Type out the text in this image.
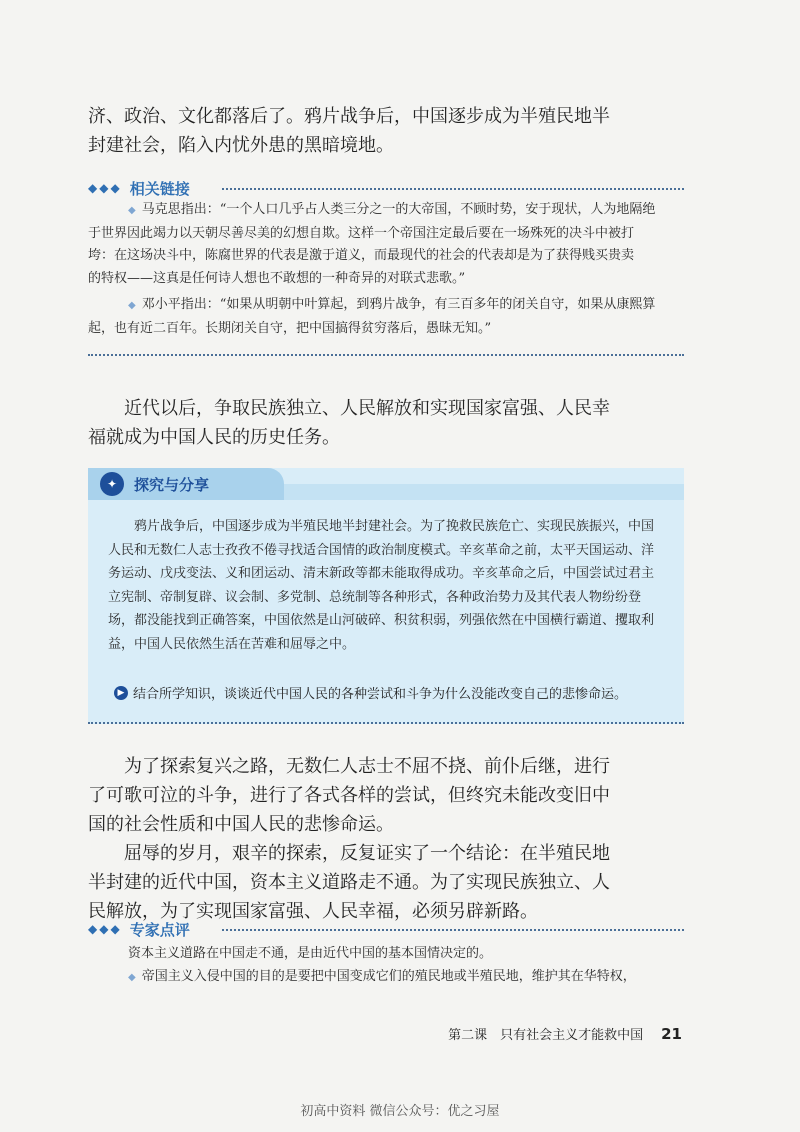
济、政治、文化都落后了。鸦片战争后，中国逐步成为半殖民地半
封建社会，陷入内忧外患的黑暗境地。
◆◆◆ 相关链接
◆ 马克思指出：“一个人口几乎占人类三分之一的大帝国，不顾时势，安于现状，人为地隔绝
于世界因此竭力以天朝尽善尽美的幻想自欺。这样一个帝国注定最后要在一场殊死的决斗中被打
垮：在这场决斗中，陈腐世界的代表是激于道义，而最现代的社会的代表却是为了获得贱买贵卖
的特权——这真是任何诗人想也不敢想的一种奇异的对联式悲歌。”
◆ 邓小平指出：“如果从明朝中叶算起，到鸦片战争，有三百多年的闭关自守，如果从康熙算
起，也有近二百年。长期闭关自守，把中国搞得贫穷落后，愚昧无知。”
近代以后，争取民族独立、人民解放和实现国家富强、人民幸
福就成为中国人民的历史任务。
✦	探究与分享
鸦片战争后，中国逐步成为半殖民地半封建社会。为了挽救民族危亡、实现民族振兴，中国
人民和无数仁人志士孜孜不倦寻找适合国情的政治制度模式。辛亥革命之前，太平天国运动、洋
务运动、戊戌变法、义和团运动、清末新政等都未能取得成功。辛亥革命之后，中国尝试过君主
立宪制、帝制复辟、议会制、多党制、总统制等各种形式，各种政治势力及其代表人物纷纷登
场，都没能找到正确答案，中国依然是山河破碎、积贫积弱，列强依然在中国横行霸道、攫取利
益，中国人民依然生活在苦难和屈辱之中。
▶ 结合所学知识，谈谈近代中国人民的各种尝试和斗争为什么没能改变自己的悲惨命运。
为了探索复兴之路，无数仁人志士不屈不挠、前仆后继，进行
了可歌可泣的斗争，进行了各式各样的尝试，但终究未能改变旧中
国的社会性质和中国人民的悲惨命运。
屈辱的岁月，艰辛的探索，反复证实了一个结论：在半殖民地
半封建的近代中国，资本主义道路走不通。为了实现民族独立、人
民解放，为了实现国家富强、人民幸福，必须另辟新路。
◆◆◆ 专家点评
资本主义道路在中国走不通，是由近代中国的基本国情决定的。
◆ 帝国主义入侵中国的目的是要把中国变成它们的殖民地或半殖民地，维护其在华特权，
第二课　只有社会主义才能救中国 21
初高中资料 微信公众号：优之习屋
